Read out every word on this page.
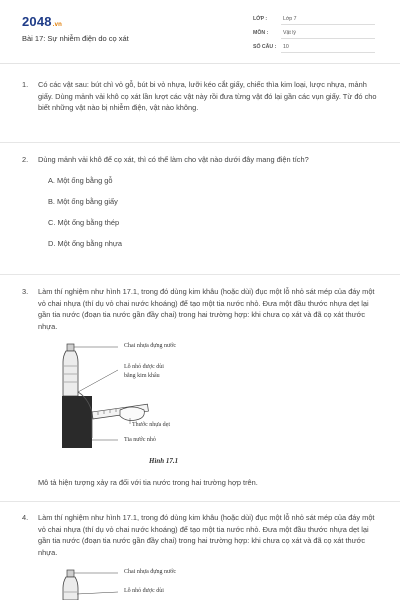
2048.vn
Bài 17: Sự nhiễm điện do cọ xát
LỚP :	Lớp 7
MÔN :	Vật lý
SỐ CÂU :	10
1. Có các vật sau: bút chì vỏ gỗ, bút bi vỏ nhựa, lưỡi kéo cắt giấy, chiếc thìa kim loại, lược nhựa, mảnh giấy. Dùng mảnh vải khô cọ xát lần lượt các vật này rồi đưa từng vật đó lại gần các vụn giấy. Từ đó cho biết những vật nào bị nhiễm điện, vật nào không.
2. Dùng mảnh vải khô để cọ xát, thì có thể làm cho vật nào dưới đây mang điện tích?
A. Một ống bằng gỗ
B. Một ống bằng giấy
C. Một ống bằng thép
D. Một ống bằng nhựa
3. Làm thí nghiệm như hình 17.1, trong đó dùng kim khâu (hoặc dùi) đục một lỗ nhỏ sát mép của đáy một vỏ chai nhựa (thí dụ vỏ chai nước khoáng) để tạo một tia nước nhỏ. Đưa một đầu thước nhựa dẹt lại gần tia nước (đoạn tia nước gần đầy chai) trong hai trường hợp: khi chưa cọ xát và đã cọ xát thước nhựa.
Chai nhựa đựng nước
Lỗ nhỏ được dùi
bằng kim khâu
Thước nhựa dẹt
Tia nước nhỏ
Hình 17.1
Mô tả hiện tượng xảy ra đối với tia nước trong hai trường hợp trên.
4. Làm thí nghiệm như hình 17.1, trong đó dùng kim khâu (hoặc dùi) đục một lỗ nhỏ sát mép của đáy một vỏ chai nhựa (thí dụ vỏ chai nước khoáng) để tạo một tia nước nhỏ. Đưa một đầu thước nhựa dẹt lại gần tia nước (đoạn tia nước gần đầy chai) trong hai trường hợp: khi chưa cọ xát và đã cọ xát thước nhựa.
Chai nhựa đựng nước
Lỗ nhỏ được dùi
